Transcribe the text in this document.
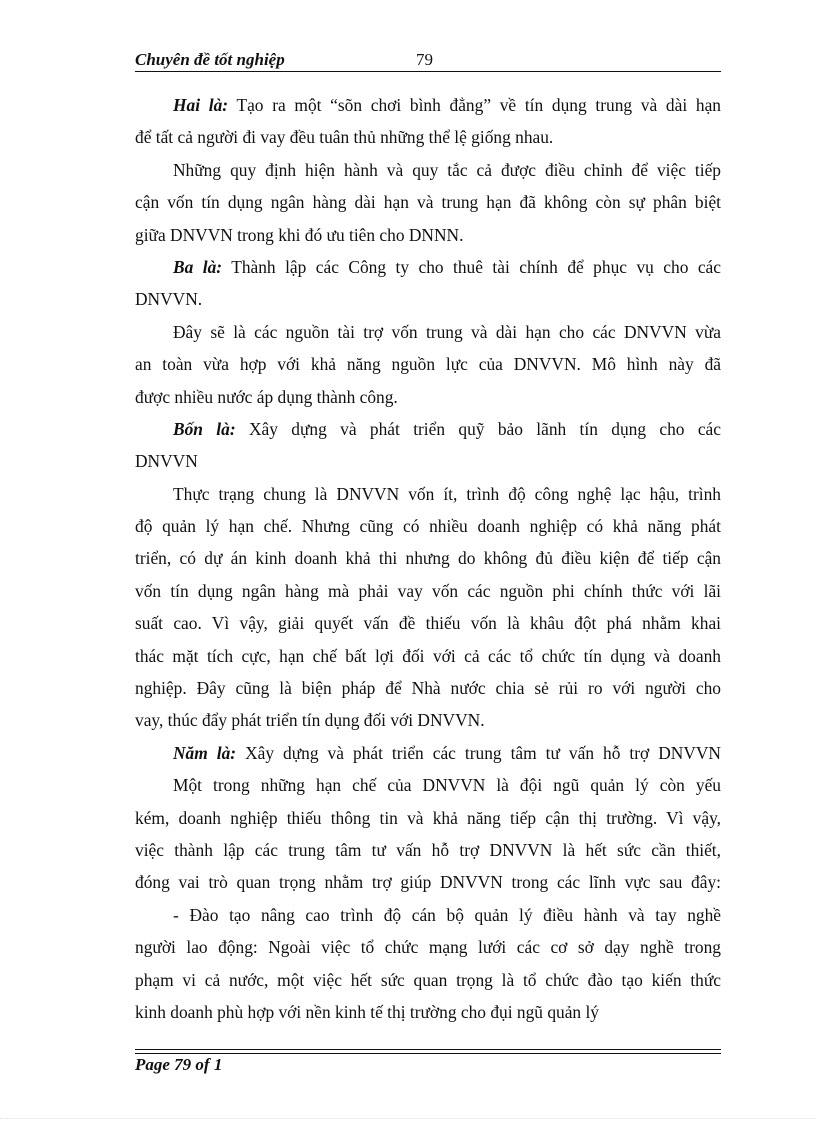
Chuyên đề tốt nghiệp	79
Hai là: Tạo ra một “sõn chơi bình đẳng” về tín dụng trung và dài hạn
để tất cả người đi vay đều tuân thủ những thể lệ giống nhau.
Những quy định hiện hành và quy tắc cả được điều chỉnh để việc tiếp
cận vốn tín dụng ngân hàng dài hạn và trung hạn đã không còn sự phân biệt
giữa DNVVN trong khi đó ưu tiên cho DNNN.
Ba là: Thành lập các Công ty cho thuê tài chính để phục vụ cho các
DNVVN.
Đây sẽ là các nguồn tài trợ vốn trung và dài hạn cho các DNVVN vừa
an toàn vừa hợp với khả năng nguồn lực của DNVVN. Mô hình này đã
được nhiều nước áp dụng thành công.
Bốn là: Xây dựng và phát triển quỹ bảo lãnh tín dụng cho các
DNVVN
Thực trạng chung là DNVVN vốn ít, trình độ công nghệ lạc hậu, trình
độ quản lý hạn chế. Nhưng cũng có nhiều doanh nghiệp có khả năng phát
triển, có dự án kinh doanh khả thi nhưng do không đủ điều kiện để tiếp cận
vốn tín dụng ngân hàng mà phải vay vốn các nguồn phi chính thức với lãi
suất cao. Vì vậy, giải quyết vấn đề thiếu vốn là khâu đột phá nhằm khai
thác mặt tích cực, hạn chế bất lợi đối với cả các tổ chức tín dụng và doanh
nghiệp. Đây cũng là biện pháp để Nhà nước chia sẻ rủi ro với người cho
vay, thúc đẩy phát triển tín dụng đối với DNVVN.
Năm là: Xây dựng và phát triển các trung tâm tư vấn hỗ trợ DNVVN
Một trong những hạn chế của DNVVN là đội ngũ quản lý còn yếu
kém, doanh nghiệp thiếu thông tin và khả năng tiếp cận thị trường. Vì vậy,
việc thành lập các trung tâm tư vấn hỗ trợ DNVVN là hết sức cần thiết,
đóng vai trò quan trọng nhằm trợ giúp DNVVN trong các lĩnh vực sau đây:
- Đào tạo nâng cao trình độ cán bộ quản lý điều hành và tay nghề
người lao động: Ngoài việc tổ chức mạng lưới các cơ sở dạy nghề trong
phạm vi cả nước, một việc hết sức quan trọng là tổ chức đào tạo kiến thức
kinh doanh phù hợp với nền kinh tế thị trường cho đụi ngũ quản lý
Page 79 of 1
